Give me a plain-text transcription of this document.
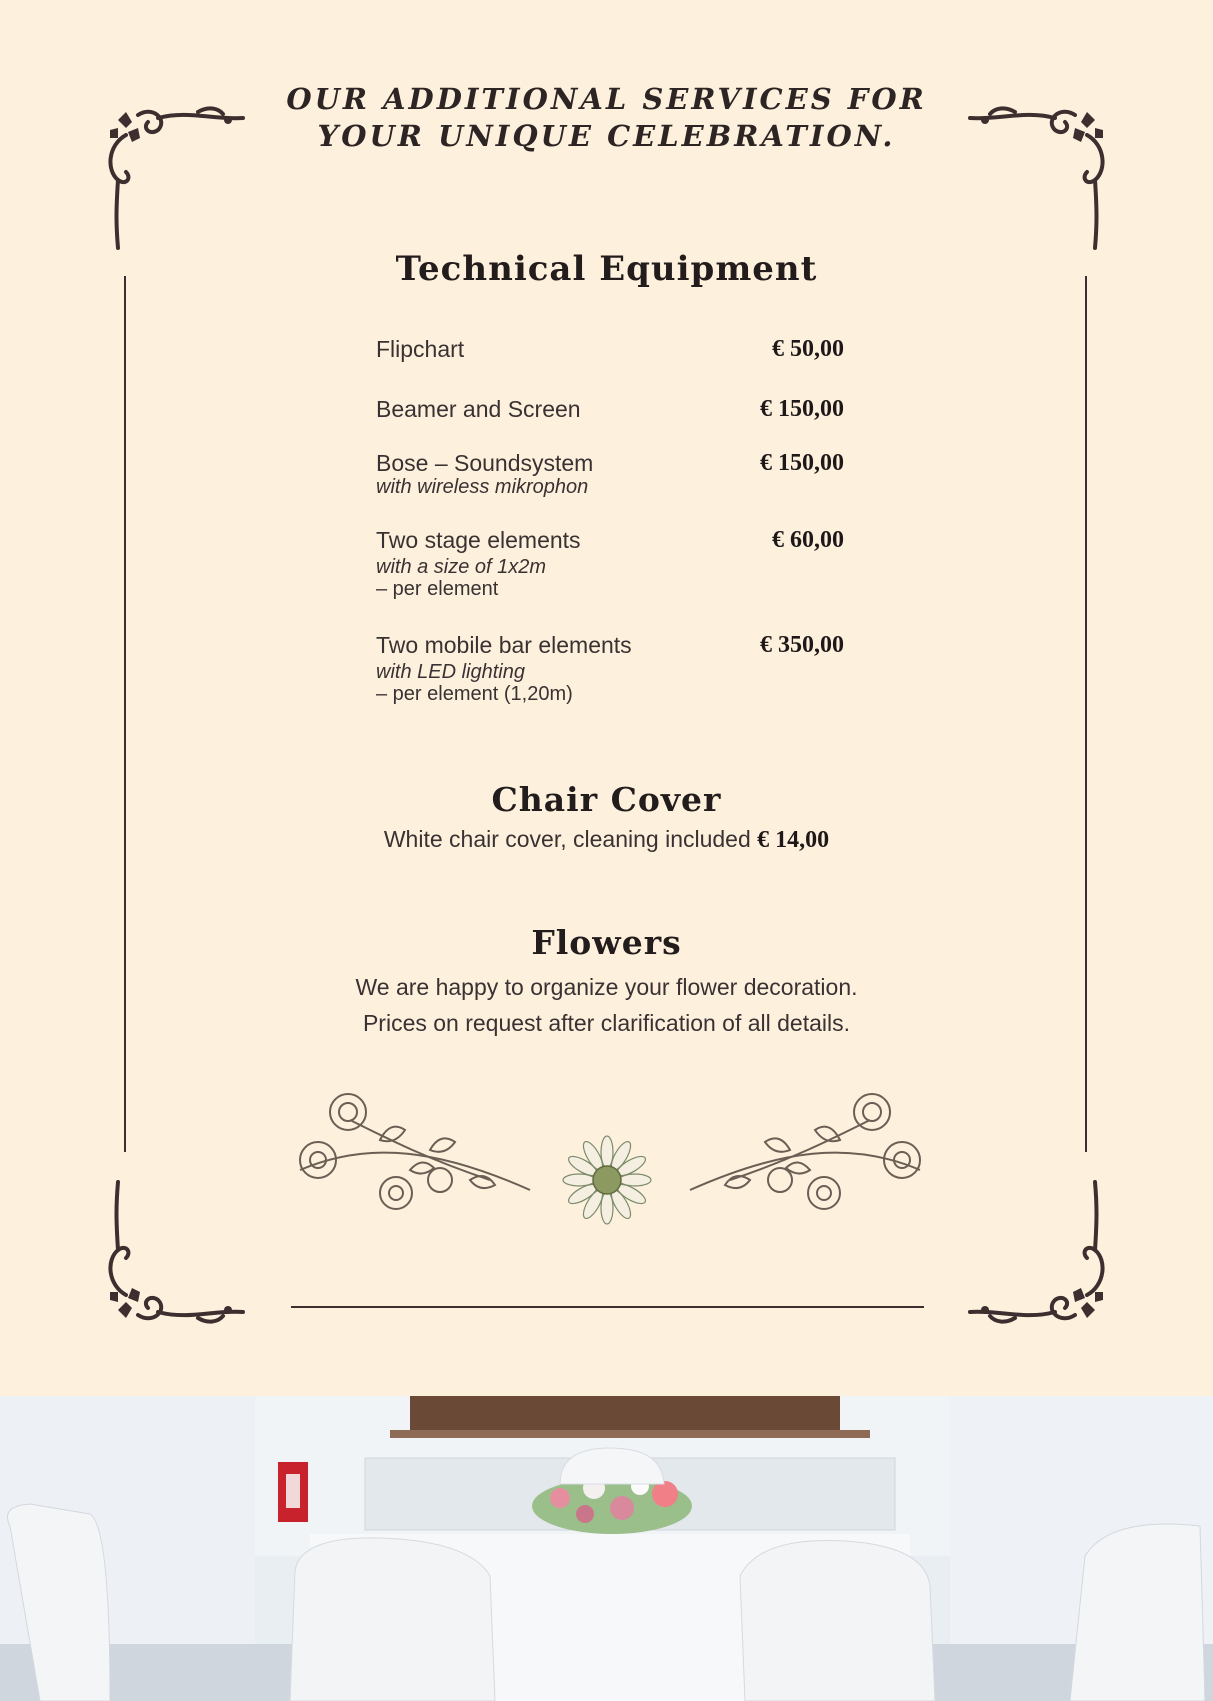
OUR ADDITIONAL SERVICES FOR
YOUR UNIQUE CELEBRATION.
Technical Equipment
Flipchart	€ 50,00
Beamer and Screen	€ 150,00
Bose – Soundsystem
with wireless mikrophon
€ 150,00
Two stage elements
with a size of 1x2m
– per element
€ 60,00
Two mobile bar elements
with LED lighting
– per element (1,20m)
€ 350,00
Chair Cover
White chair cover, cleaning included € 14,00
Flowers
We are happy to organize your flower decoration.
Prices on request after clarification of all details.
